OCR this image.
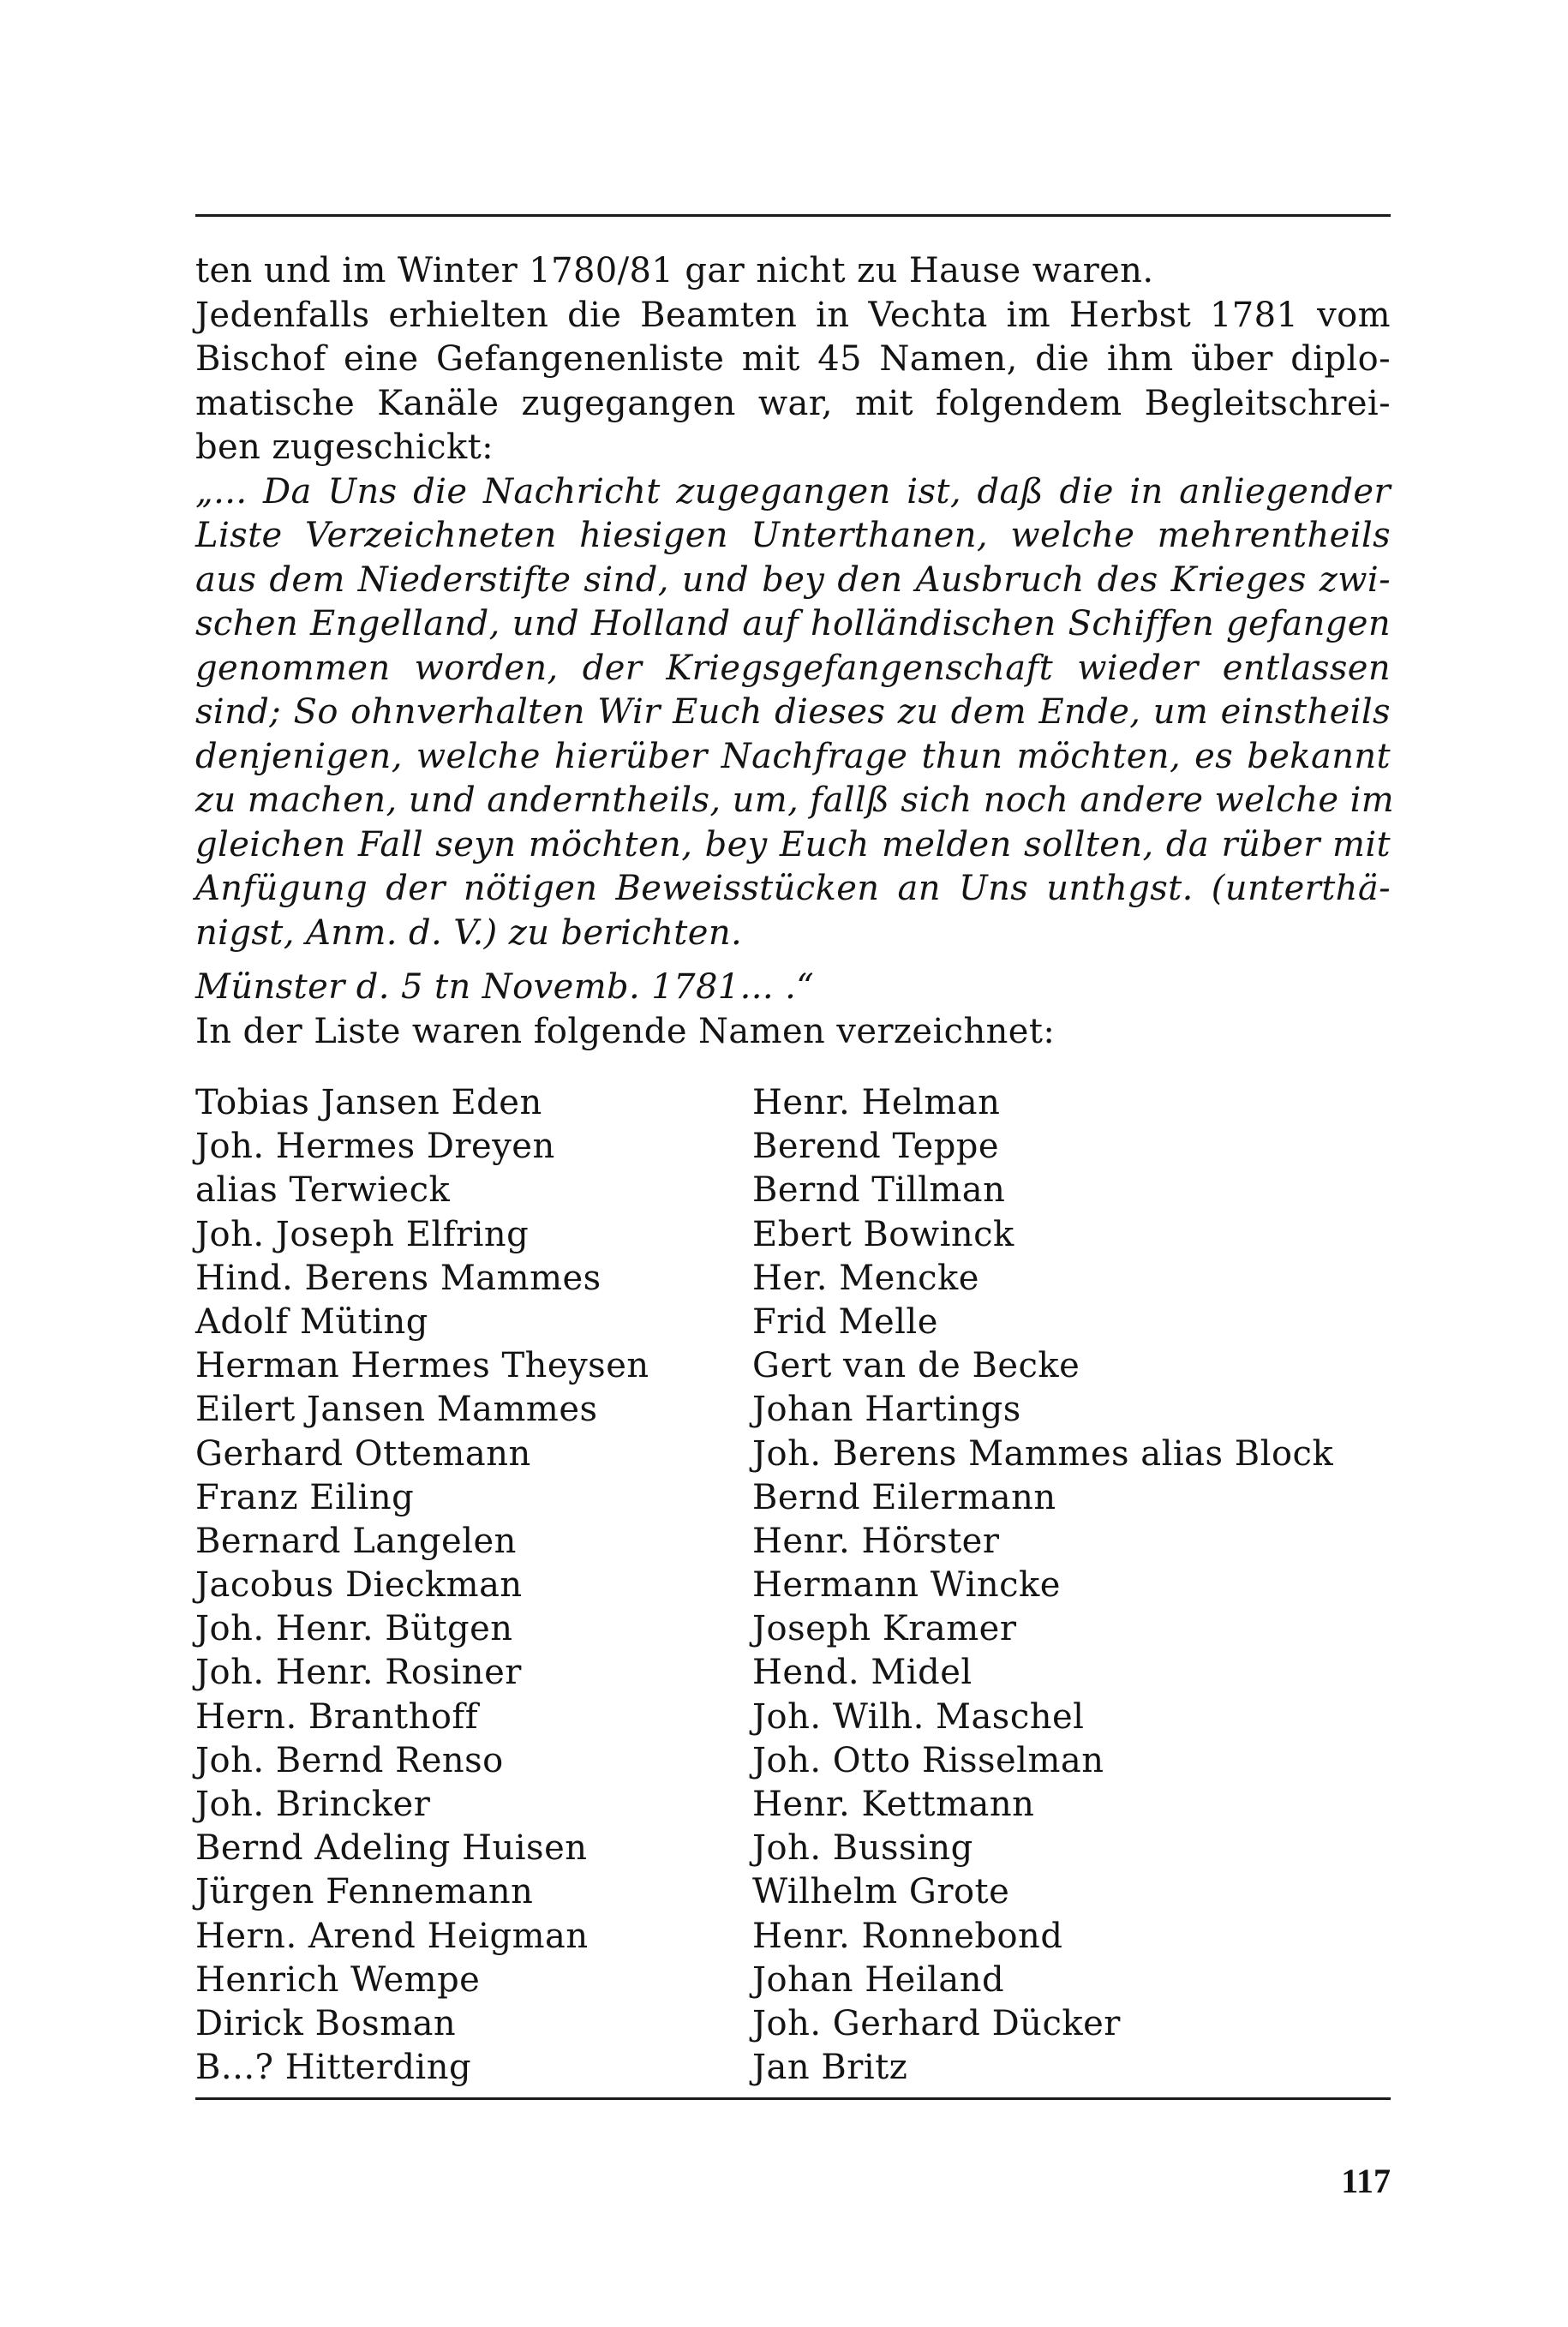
ten und im Winter 1780/81 gar nicht zu Hause waren.
Jedenfalls erhielten die Beamten in Vechta im Herbst 1781 vom
Bischof eine Gefangenenliste mit 45 Namen, die ihm über diplo-
matische Kanäle zugegangen war, mit folgendem Begleitschrei-
ben zugeschickt:
„... Da Uns die Nachricht zugegangen ist, daß die in anliegender
Liste Verzeichneten hiesigen Unterthanen, welche mehrentheils
aus dem Niederstifte sind, und bey den Ausbruch des Krieges zwi-
schen Engelland, und Holland auf holländischen Schiffen gefangen
genommen worden, der Kriegsgefangenschaft wieder entlassen
sind; So ohnverhalten Wir Euch dieses zu dem Ende, um einstheils
denjenigen, welche hierüber Nachfrage thun möchten, es bekannt
zu machen, und anderntheils, um, fallß sich noch andere welche im
gleichen Fall seyn möchten, bey Euch melden sollten, da rüber mit
Anfügung der nötigen Beweisstücken an Uns unthgst. (unterthä-
nigst, Anm. d. V.) zu berichten.
Münster d. 5 tn Novemb. 1781... .“
In der Liste waren folgende Namen verzeichnet:
Tobias Jansen Eden
Joh. Hermes Dreyen
alias Terwieck
Joh. Joseph Elfring
Hind. Berens Mammes
Adolf Müting
Herman Hermes Theysen
Eilert Jansen Mammes
Gerhard Ottemann
Franz Eiling
Bernard Langelen
Jacobus Dieckman
Joh. Henr. Bütgen
Joh. Henr. Rosiner
Hern. Branthoff
Joh. Bernd Renso
Joh. Brincker
Bernd Adeling Huisen
Jürgen Fennemann
Hern. Arend Heigman
Henrich Wempe
Dirick Bosman
B...? Hitterding
Henr. Helman
Berend Teppe
Bernd Tillman
Ebert Bowinck
Her. Mencke
Frid Melle
Gert van de Becke
Johan Hartings
Joh. Berens Mammes alias Block
Bernd Eilermann
Henr. Hörster
Hermann Wincke
Joseph Kramer
Hend. Midel
Joh. Wilh. Maschel
Joh. Otto Risselman
Henr. Kettmann
Joh. Bussing
Wilhelm Grote
Henr. Ronnebond
Johan Heiland
Joh. Gerhard Dücker
Jan Britz
117
